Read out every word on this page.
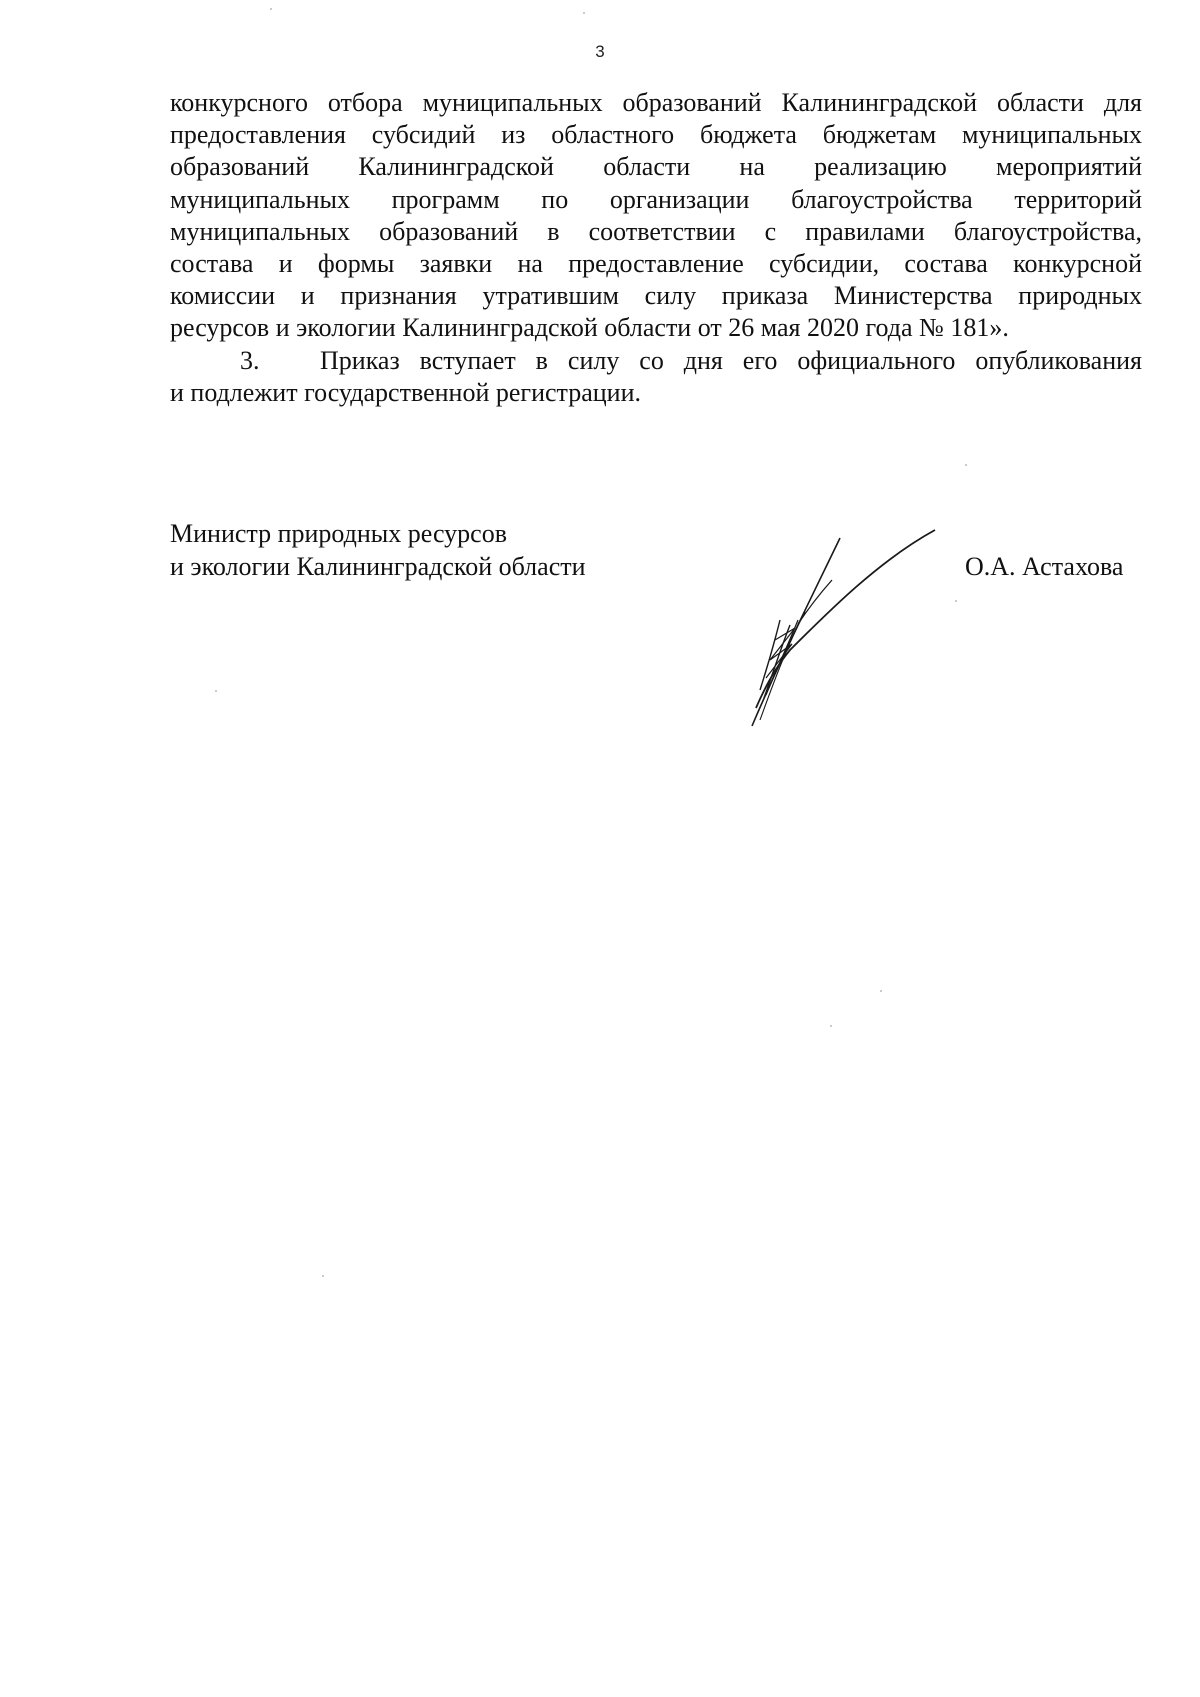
3
конкурсного отбора муниципальных образований Калининградской области для
предоставления субсидий из областного бюджета бюджетам муниципальных
образований Калининградской области на реализацию мероприятий
муниципальных программ по организации благоустройства территорий
муниципальных образований в соответствии с правилами благоустройства,
состава и формы заявки на предоставление субсидии, состава конкурсной
комиссии и признания утратившим силу приказа Министерства природных
ресурсов и экологии Калининградской области от 26 мая 2020 года № 181».
3.	Приказ вступает в силу со дня его официального опубликования
и подлежит государственной регистрации.
Министр природных ресурсов
и экологии Калининградской области	О.А. Астахова
